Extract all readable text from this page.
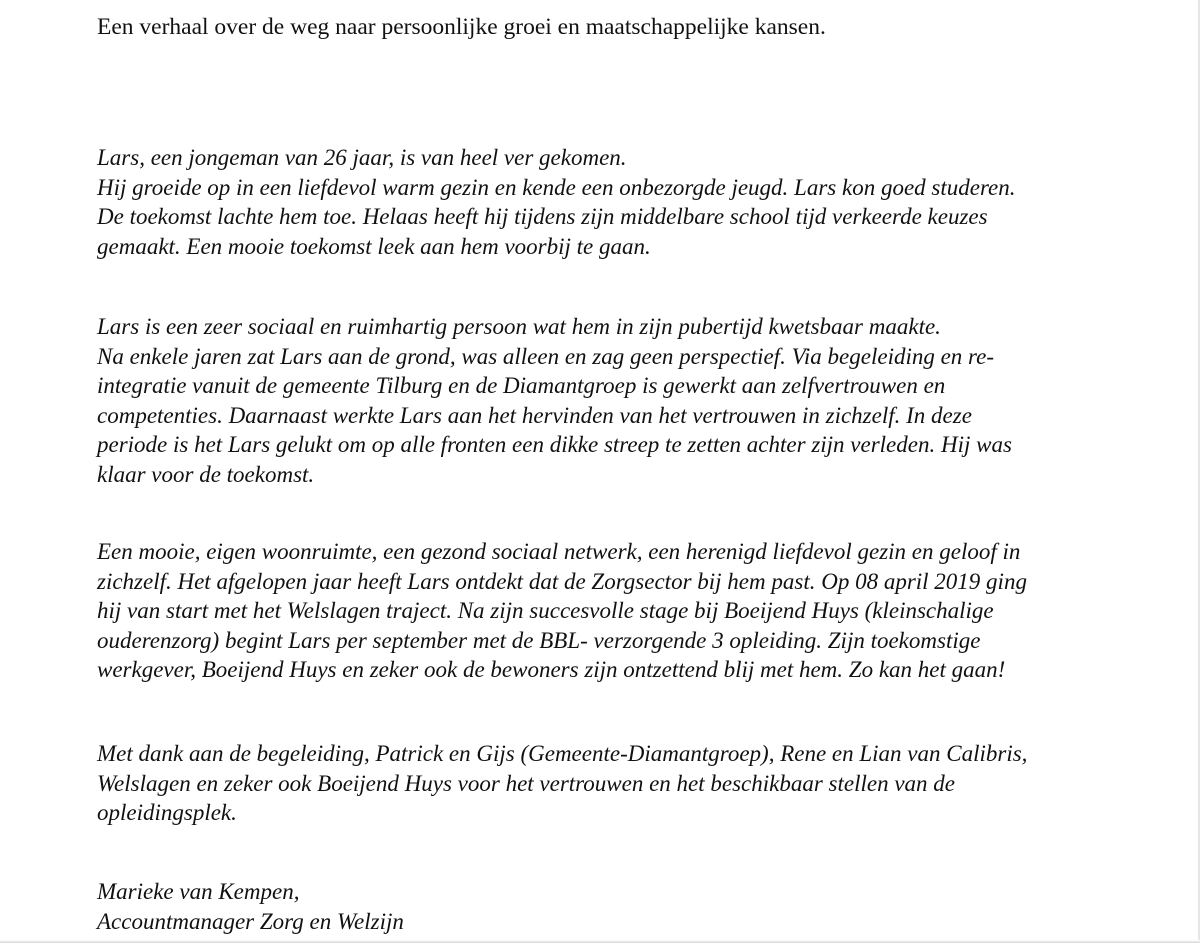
Een verhaal over de weg naar persoonlijke groei en maatschappelijke kansen.
Lars, een jongeman van 26 jaar, is van heel ver gekomen.
Hij groeide op in een liefdevol warm gezin en kende een onbezorgde jeugd. Lars kon goed studeren.
De toekomst lachte hem toe. Helaas heeft hij tijdens zijn middelbare school tijd verkeerde keuzes
gemaakt. Een mooie toekomst leek aan hem voorbij te gaan.
Lars is een zeer sociaal en ruimhartig persoon wat hem in zijn pubertijd kwetsbaar maakte.
Na enkele jaren zat Lars aan de grond, was alleen en zag geen perspectief. Via begeleiding en re-
integratie vanuit de gemeente Tilburg en de Diamantgroep is gewerkt aan zelfvertrouwen en
competenties. Daarnaast werkte Lars aan het hervinden van het vertrouwen in zichzelf. In deze
periode is het Lars gelukt om op alle fronten een dikke streep te zetten achter zijn verleden. Hij was
klaar voor de toekomst.
Een mooie, eigen woonruimte, een gezond sociaal netwerk, een herenigd liefdevol gezin en geloof in
zichzelf. Het afgelopen jaar heeft Lars ontdekt dat de Zorgsector bij hem past. Op 08 april 2019 ging
hij van start met het Welslagen traject. Na zijn succesvolle stage bij Boeijend Huys (kleinschalige
ouderenzorg) begint Lars per september met de BBL- verzorgende 3 opleiding. Zijn toekomstige
werkgever, Boeijend Huys en zeker ook de bewoners zijn ontzettend blij met hem. Zo kan het gaan!
Met dank aan de begeleiding, Patrick en Gijs (Gemeente-Diamantgroep), Rene en Lian van Calibris,
Welslagen en zeker ook Boeijend Huys voor het vertrouwen en het beschikbaar stellen van de
opleidingsplek.
Marieke van Kempen,
Accountmanager Zorg en Welzijn
